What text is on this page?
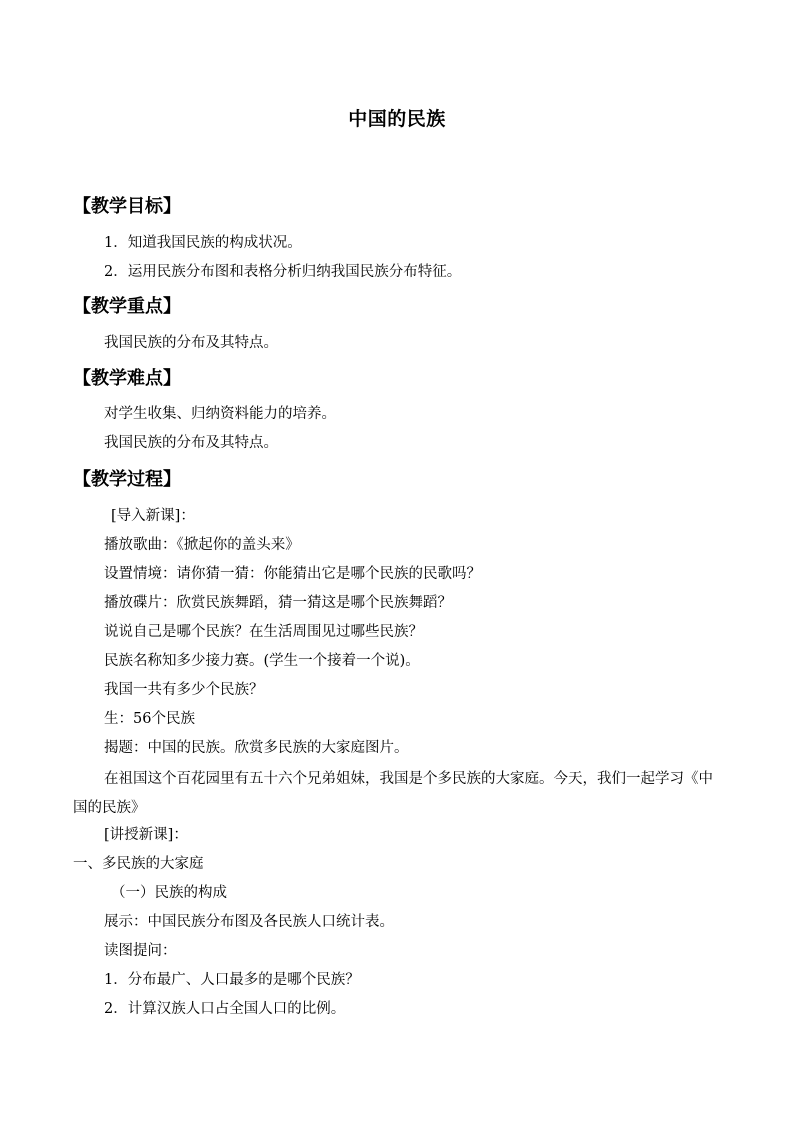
中国的民族
【教学目标】
1．知道我国民族的构成状况。
2．运用民族分布图和表格分析归纳我国民族分布特征。
【教学重点】
我国民族的分布及其特点。
【教学难点】
对学生收集、归纳资料能力的培养。
我国民族的分布及其特点。
【教学过程】
[导入新课]：
播放歌曲：《掀起你的盖头来》
设置情境：请你猜一猜：你能猜出它是哪个民族的民歌吗？
播放碟片：欣赏民族舞蹈，猜一猜这是哪个民族舞蹈？
说说自己是哪个民族？在生活周围见过哪些民族？
民族名称知多少接力赛。(学生一个接着一个说)。
我国一共有多少个民族？
生：56个民族
揭题：中国的民族。欣赏多民族的大家庭图片。
在祖国这个百花园里有五十六个兄弟姐妹，我国是个多民族的大家庭。今天，我们一起学习《中国的民族》
[讲授新课]：
一、多民族的大家庭
（一）民族的构成
展示：中国民族分布图及各民族人口统计表。
读图提问：
1．分布最广、人口最多的是哪个民族？
2．计算汉族人口占全国人口的比例。
